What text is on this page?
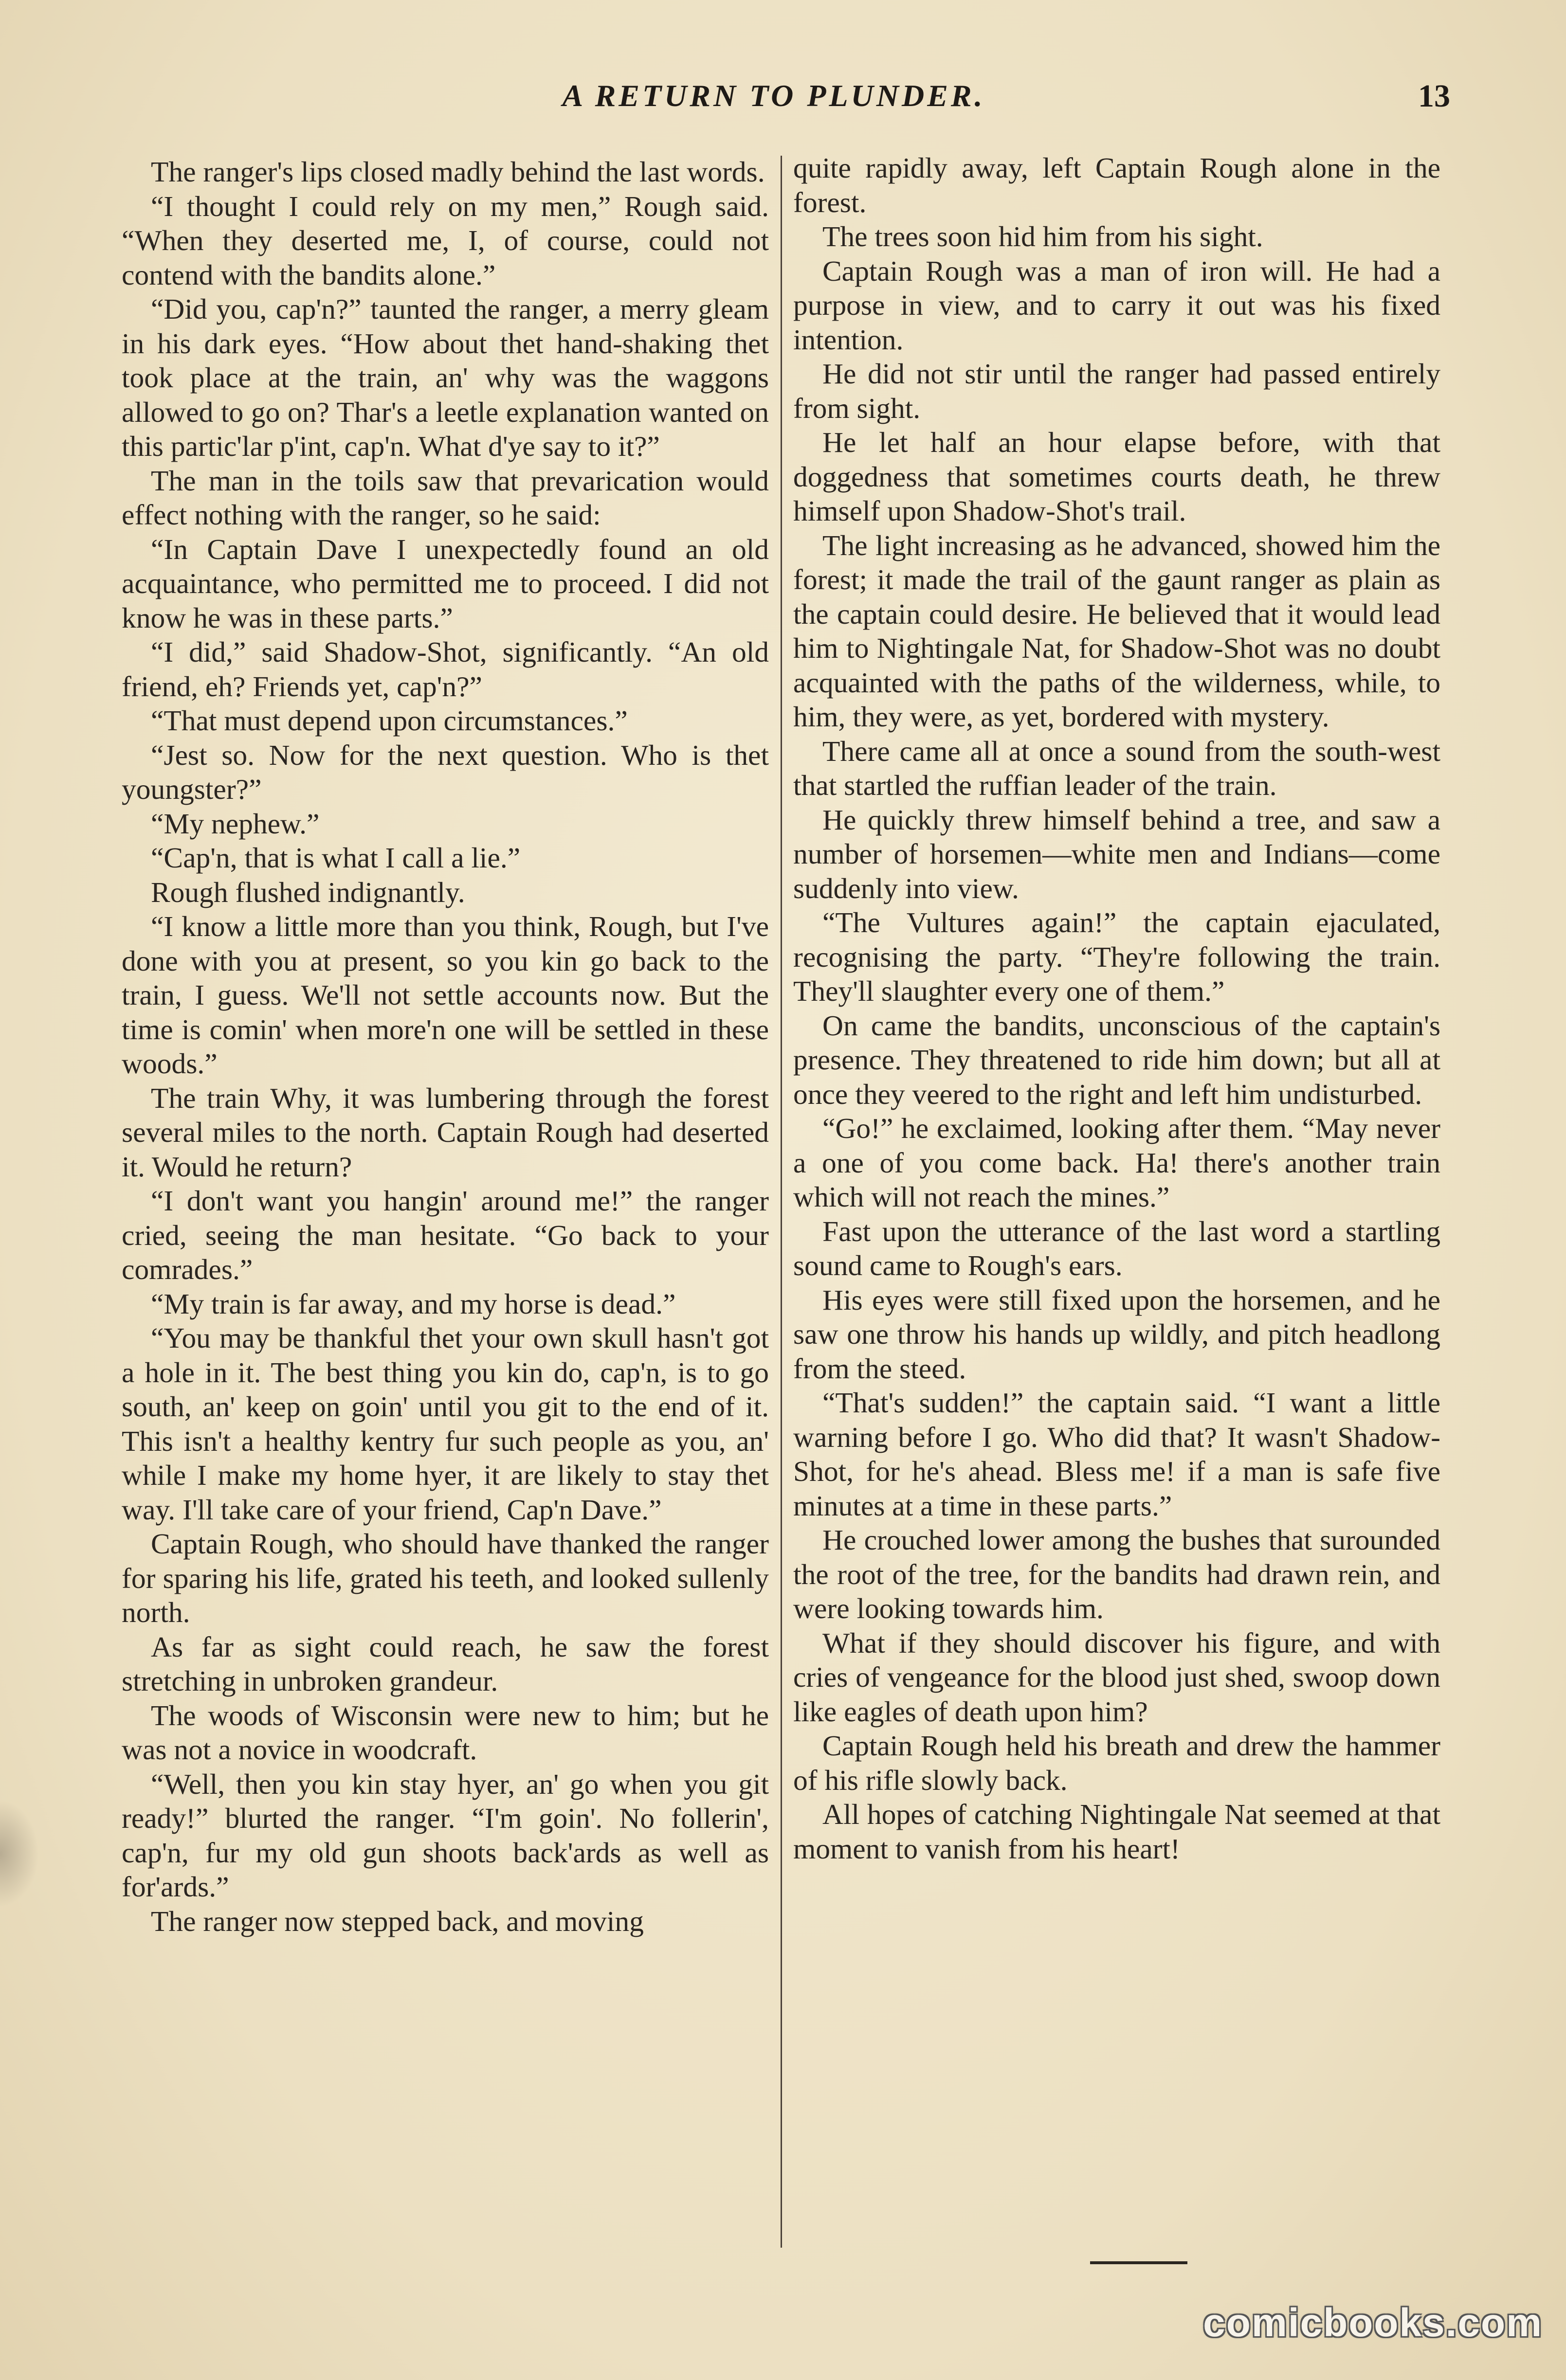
A RETURN TO PLUNDER.	13

The ranger's lips closed madly behind the last words.

“I thought I could rely on my men,” Rough said. “When they deserted me, I, of course, could not contend with the bandits alone.”

“Did you, cap'n?” taunted the ranger, a merry gleam in his dark eyes. “How about thet hand-shaking thet took place at the train, an' why was the waggons allowed to go on? Thar's a leetle explanation wanted on this partic'lar p'int, cap'n. What d'ye say to it?”

The man in the toils saw that prevarication would effect nothing with the ranger, so he said:

“In Captain Dave I unexpectedly found an old acquaintance, who permitted me to proceed. I did not know he was in these parts.”

“I did,” said Shadow-Shot, significantly. “An old friend, eh? Friends yet, cap'n?”

“That must depend upon circumstances.”

“Jest so. Now for the next question. Who is thet youngster?”

“My nephew.”

“Cap'n, that is what I call a lie.”

Rough flushed indignantly.

“I know a little more than you think, Rough, but I've done with you at present, so you kin go back to the train, I guess. We'll not settle accounts now. But the time is comin' when more'n one will be settled in these woods.”

The train Why, it was lumbering through the forest several miles to the north. Captain Rough had deserted it. Would he return?

“I don't want you hangin' around me!” the ranger cried, seeing the man hesitate. “Go back to your comrades.”

“My train is far away, and my horse is dead.”

“You may be thankful thet your own skull hasn't got a hole in it. The best thing you kin do, cap'n, is to go south, an' keep on goin' until you git to the end of it. This isn't a healthy kentry fur such people as you, an' while I make my home hyer, it are likely to stay thet way. I'll take care of your friend, Cap'n Dave.”

Captain Rough, who should have thanked the ranger for sparing his life, grated his teeth, and looked sullenly north.

As far as sight could reach, he saw the forest stretching in unbroken grandeur.

The woods of Wisconsin were new to him; but he was not a novice in woodcraft.

“Well, then you kin stay hyer, an' go when you git ready!” blurted the ranger. “I'm goin'. No follerin', cap'n, fur my old gun shoots back'ards as well as for'ards.”

The ranger now stepped back, and moving

quite rapidly away, left Captain Rough alone in the forest.

The trees soon hid him from his sight.

Captain Rough was a man of iron will. He had a purpose in view, and to carry it out was his fixed intention.

He did not stir until the ranger had passed entirely from sight.

He let half an hour elapse before, with that doggedness that sometimes courts death, he threw himself upon Shadow-Shot's trail.

The light increasing as he advanced, showed him the forest; it made the trail of the gaunt ranger as plain as the captain could desire. He believed that it would lead him to Nightingale Nat, for Shadow-Shot was no doubt acquainted with the paths of the wilderness, while, to him, they were, as yet, bordered with mystery.

There came all at once a sound from the south-west that startled the ruffian leader of the train.

He quickly threw himself behind a tree, and saw a number of horsemen—white men and Indians—come suddenly into view.

“The Vultures again!” the captain ejaculated, recognising the party. “They're following the train. They'll slaughter every one of them.”

On came the bandits, unconscious of the captain's presence. They threatened to ride him down; but all at once they veered to the right and left him undisturbed.

“Go!” he exclaimed, looking after them. “May never a one of you come back. Ha! there's another train which will not reach the mines.”

Fast upon the utterance of the last word a startling sound came to Rough's ears.

His eyes were still fixed upon the horsemen, and he saw one throw his hands up wildly, and pitch headlong from the steed.

“That's sudden!” the captain said. “I want a little warning before I go. Who did that? It wasn't Shadow-Shot, for he's ahead. Bless me! if a man is safe five minutes at a time in these parts.”

He crouched lower among the bushes that surounded the root of the tree, for the bandits had drawn rein, and were looking towards him.

What if they should discover his figure, and with cries of vengeance for the blood just shed, swoop down like eagles of death upon him?

Captain Rough held his breath and drew the hammer of his rifle slowly back.

All hopes of catching Nightingale Nat seemed at that moment to vanish from his heart!

comicbooks.com
